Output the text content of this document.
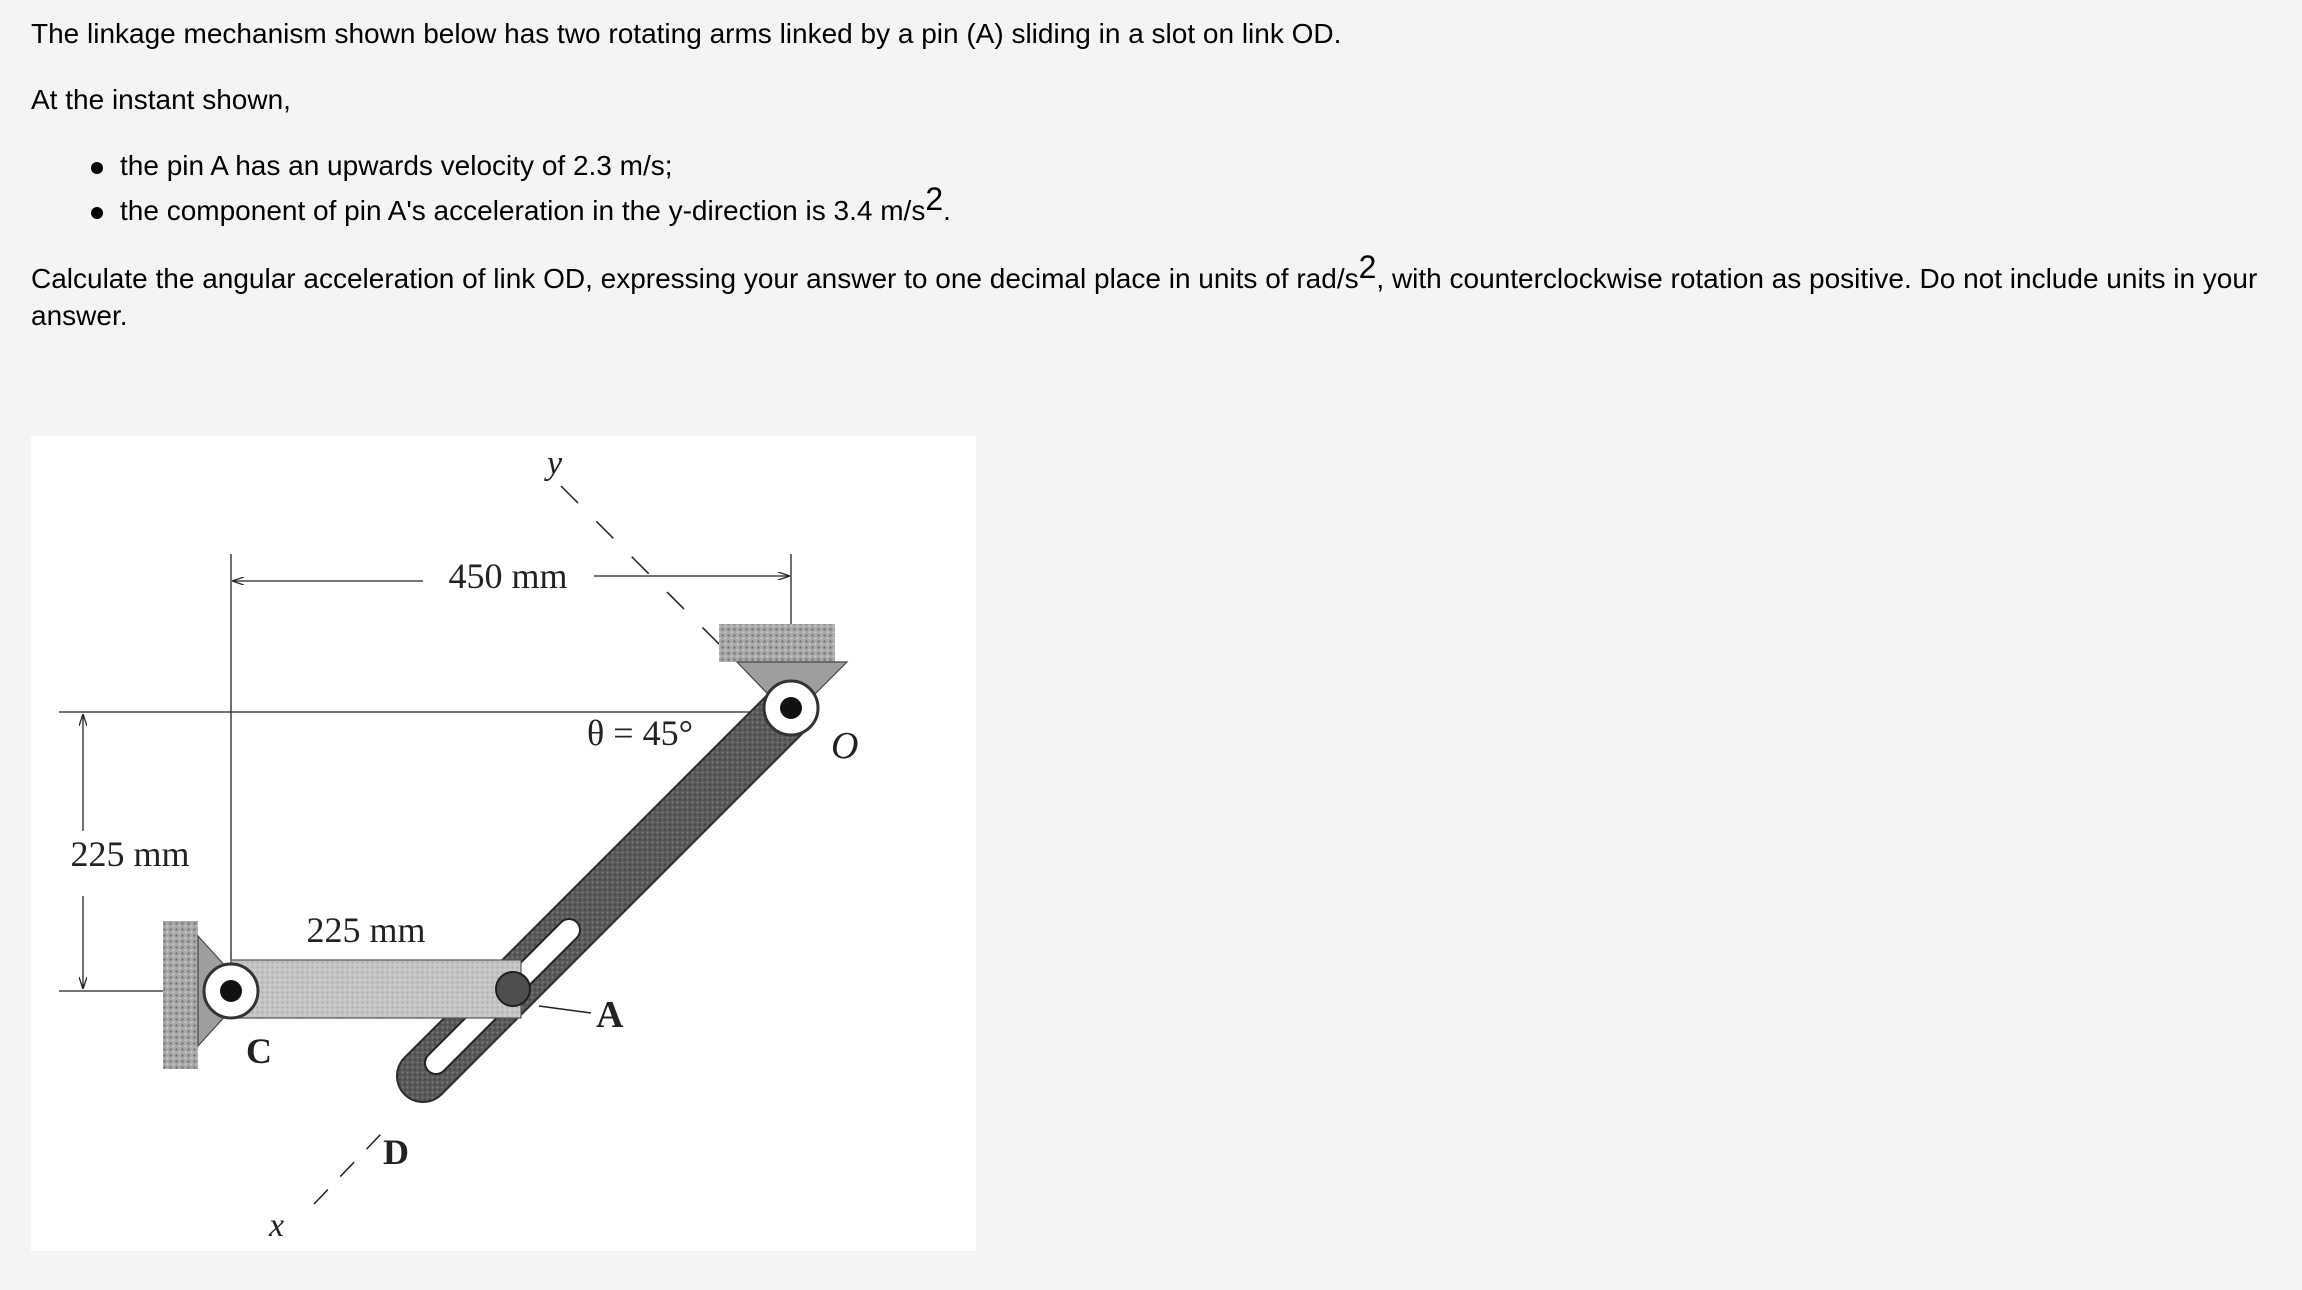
The linkage mechanism shown below has two rotating arms linked by a pin (A) sliding in a slot on link OD.

At the instant shown,

the pin A has an upwards velocity of 2.3 m/s;
the component of pin A's acceleration in the y-direction is 3.4 $m/s^2$.

Calculate the angular acceleration of link OD, expressing your answer to one decimal place in units of rad/$s^2$, with counterclockwise rotation as positive. Do not include units in your answer.

450 mm
225 mm
y
x
θ = 45°	O
225 mm
A
C
D
